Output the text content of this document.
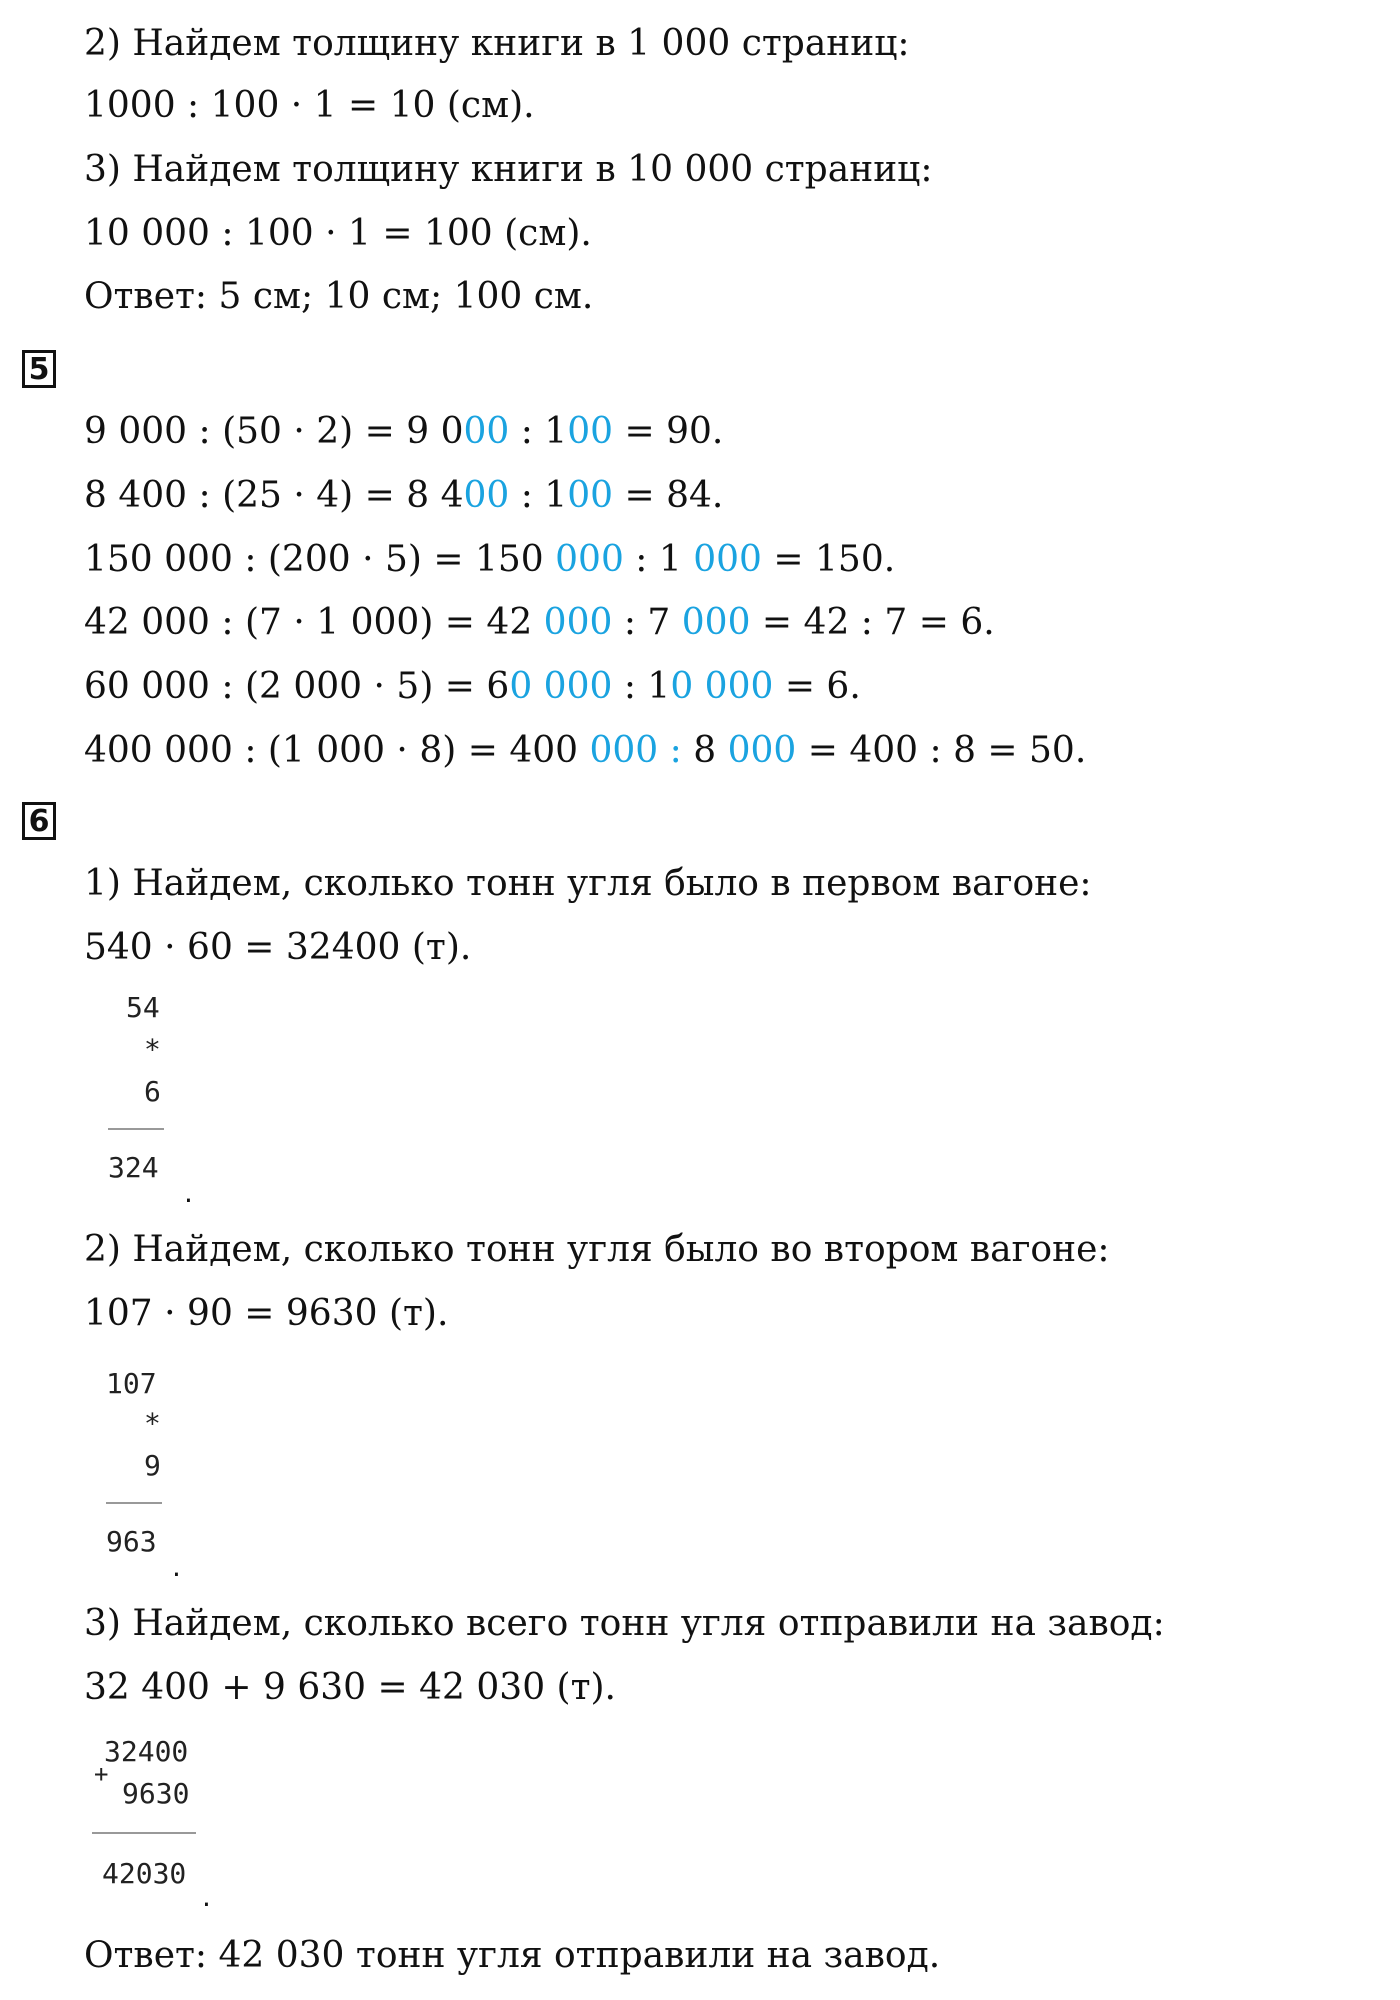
2) Найдем толщину книги в 1 000 страниц:
1000 : 100 · 1 = 10 (см).
3) Найдем толщину книги в 10 000 страниц:
10 000 : 100 · 1 = 100 (см).
Ответ: 5 см; 10 см; 100 см.
5
9 000 : (50 · 2) = 9 000 : 100 = 90.
8 400 : (25 · 4) = 8 400 : 100 = 84.
150 000 : (200 · 5) = 150 000 : 1 000 = 150.
42 000 : (7 · 1 000) = 42 000 : 7 000 = 42 : 7 = 6.
60 000 : (2 000 · 5) = 60 000 : 10 000 = 6.
400 000 : (1 000 · 8) = 400 000 : 8 000 = 400 : 8 = 50.
6
1) Найдем, сколько тонн угля было в первом вагоне:
540 · 60 = 32400 (т).
54
*
6
324
.
2) Найдем, сколько тонн угля было во втором вагоне:
107 · 90 = 9630 (т).
107
*
9
963
.
3) Найдем, сколько всего тонн угля отправили на завод:
32 400 + 9 630 = 42 030 (т).
32400
+
9630
42030
.
Ответ: 42 030 тонн угля отправили на завод.
